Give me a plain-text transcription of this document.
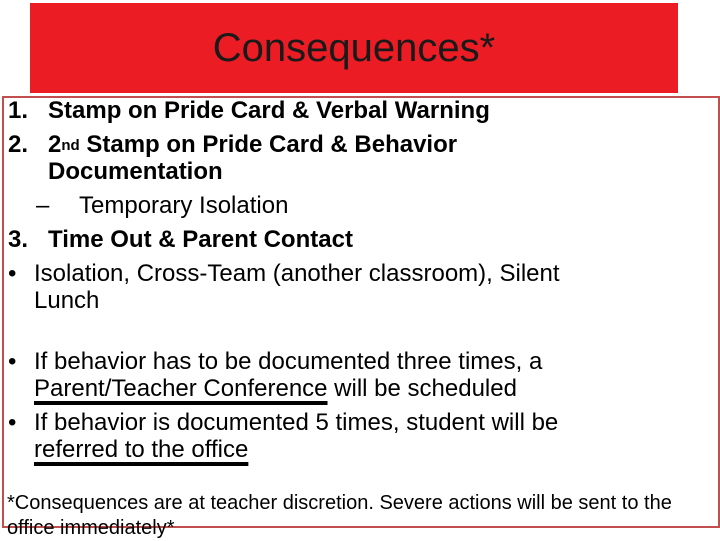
Consequences*
1. Stamp on Pride Card & Verbal Warning
2. 2nd Stamp on Pride Card & Behavior
Documentation
– Temporary Isolation
3. Time Out & Parent Contact
• Isolation, Cross-Team (another classroom), Silent
Lunch
• If behavior has to be documented three times, a
Parent/Teacher Conference will be scheduled
• If behavior is documented 5 times, student will be
referred to the office
*Consequences are at teacher discretion. Severe actions will be sent to the office immediately*
